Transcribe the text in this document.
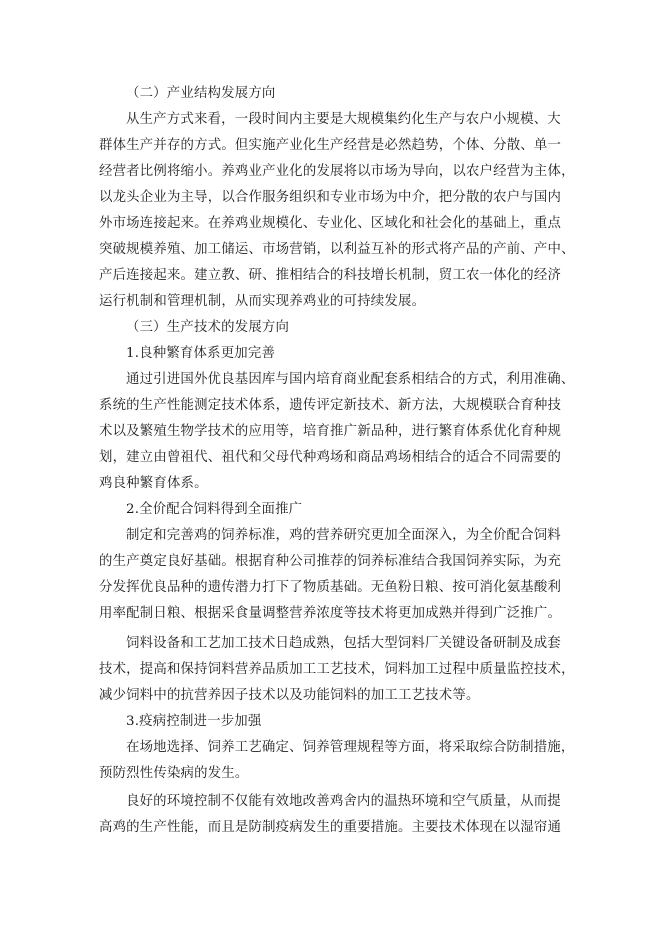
（二）产业结构发展方向
从生产方式来看，一段时间内主要是大规模集约化生产与农户小规模、大
群体生产并存的方式。但实施产业化生产经营是必然趋势，个体、分散、单一
经营者比例将缩小。养鸡业产业化的发展将以市场为导向，以农户经营为主体，
以龙头企业为主导，以合作服务组织和专业市场为中介，把分散的农户与国内
外市场连接起来。在养鸡业规模化、专业化、区域化和社会化的基础上，重点
突破规模养殖、加工储运、市场营销，以利益互补的形式将产品的产前、产中、
产后连接起来。建立教、研、推相结合的科技增长机制，贸工农一体化的经济
运行机制和管理机制，从而实现养鸡业的可持续发展。
（三）生产技术的发展方向
1.良种繁育体系更加完善
通过引进国外优良基因库与国内培育商业配套系相结合的方式，利用准确、
系统的生产性能测定技术体系，遗传评定新技术、新方法，大规模联合育种技
术以及繁殖生物学技术的应用等，培育推广新品种，进行繁育体系优化育种规
划，建立由曾祖代、祖代和父母代种鸡场和商品鸡场相结合的适合不同需要的
鸡良种繁育体系。
2.全价配合饲料得到全面推广
制定和完善鸡的饲养标准，鸡的营养研究更加全面深入，为全价配合饲料
的生产奠定良好基础。根据育种公司推荐的饲养标准结合我国饲养实际，为充
分发挥优良品种的遗传潜力打下了物质基础。无鱼粉日粮、按可消化氨基酸利
用率配制日粮、根据采食量调整营养浓度等技术将更加成熟并得到广泛推广。
饲料设备和工艺加工技术日趋成熟，包括大型饲料厂关键设备研制及成套
技术，提高和保持饲料营养品质加工工艺技术，饲料加工过程中质量监控技术，
减少饲料中的抗营养因子技术以及功能饲料的加工工艺技术等。
3.疫病控制进一步加强
在场地选择、饲养工艺确定、饲养管理规程等方面，将采取综合防制措施，
预防烈性传染病的发生。
良好的环境控制不仅能有效地改善鸡舍内的温热环境和空气质量，从而提
高鸡的生产性能，而且是防制疫病发生的重要措施。主要技术体现在以湿帘通
